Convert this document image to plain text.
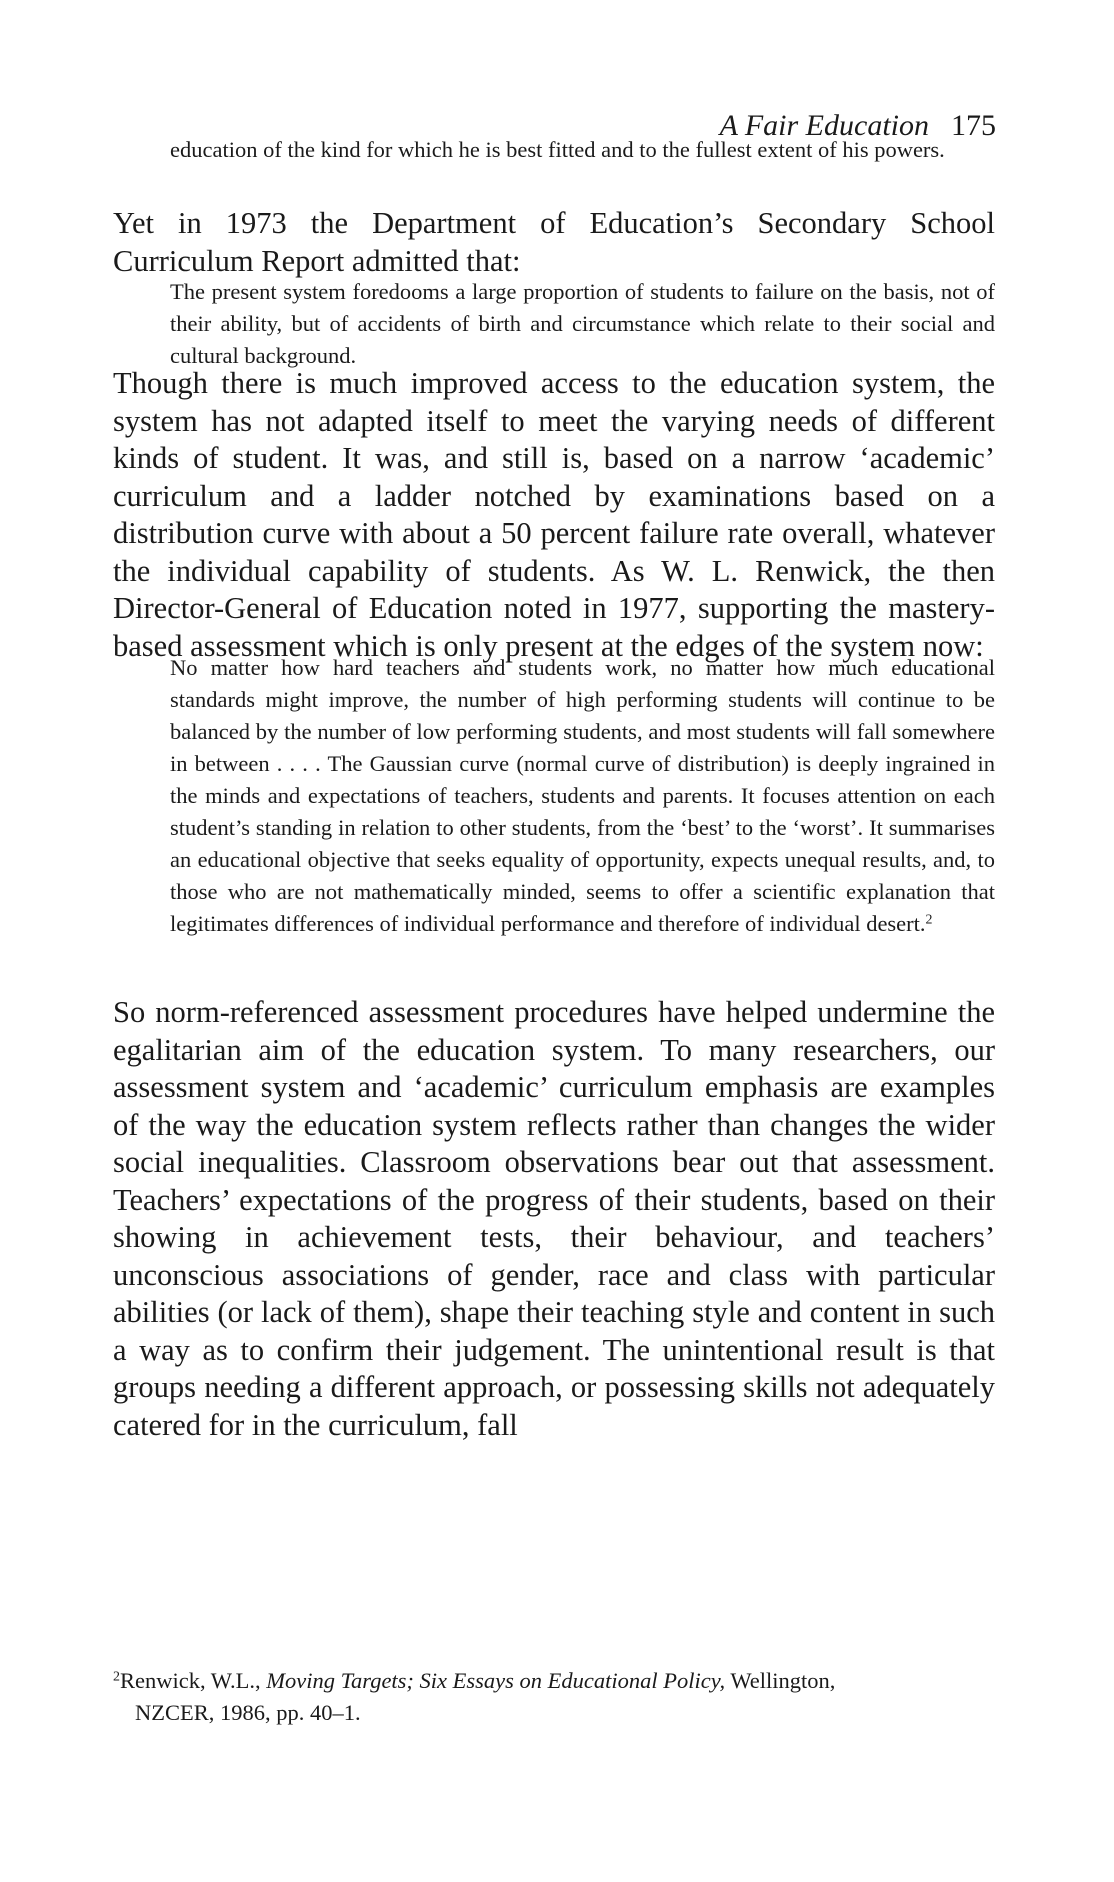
A Fair Education 175

education of the kind for which he is best fitted and to the fullest extent of his powers.

Yet in 1973 the Department of Education’s Secondary School Curriculum Report admitted that:

The present system foredooms a large proportion of students to failure on the basis, not of their ability, but of accidents of birth and circumstance which relate to their social and cultural background.

Though there is much improved access to the education system, the system has not adapted itself to meet the varying needs of different kinds of student. It was, and still is, based on a narrow ‘academic’ curriculum and a ladder notched by examinations based on a distribution curve with about a 50 percent failure rate overall, whatever the individual capability of students. As W. L. Renwick, the then Director-General of Education noted in 1977, supporting the mastery-based assessment which is only present at the edges of the system now:

No matter how hard teachers and students work, no matter how much educational standards might improve, the number of high performing students will continue to be balanced by the number of low performing students, and most students will fall somewhere in between . . . . The Gaussian curve (normal curve of distribution) is deeply ingrained in the minds and expectations of teachers, students and parents. It focuses attention on each student’s standing in relation to other students, from the ‘best’ to the ‘worst’. It summarises an educational objective that seeks equality of opportunity, expects unequal results, and, to those who are not mathematically minded, seems to offer a scientific explanation that legitimates differences of individual performance and therefore of individual desert.$^2$

So norm-referenced assessment procedures have helped undermine the egalitarian aim of the education system. To many researchers, our assessment system and ‘academic’ curriculum emphasis are examples of the way the education system reflects rather than changes the wider social inequalities. Classroom observations bear out that assessment. Teachers’ expectations of the progress of their students, based on their showing in achievement tests, their behaviour, and teachers’ unconscious associations of gender, race and class with particular abilities (or lack of them), shape their teaching style and content in such a way as to confirm their judgement. The unintentional result is that groups needing a different approach, or possessing skills not adequately catered for in the curriculum, fall

$^2$Renwick, W.L., Moving Targets; Six Essays on Educational Policy, Wellington,
NZCER, 1986, pp. 40–1.
